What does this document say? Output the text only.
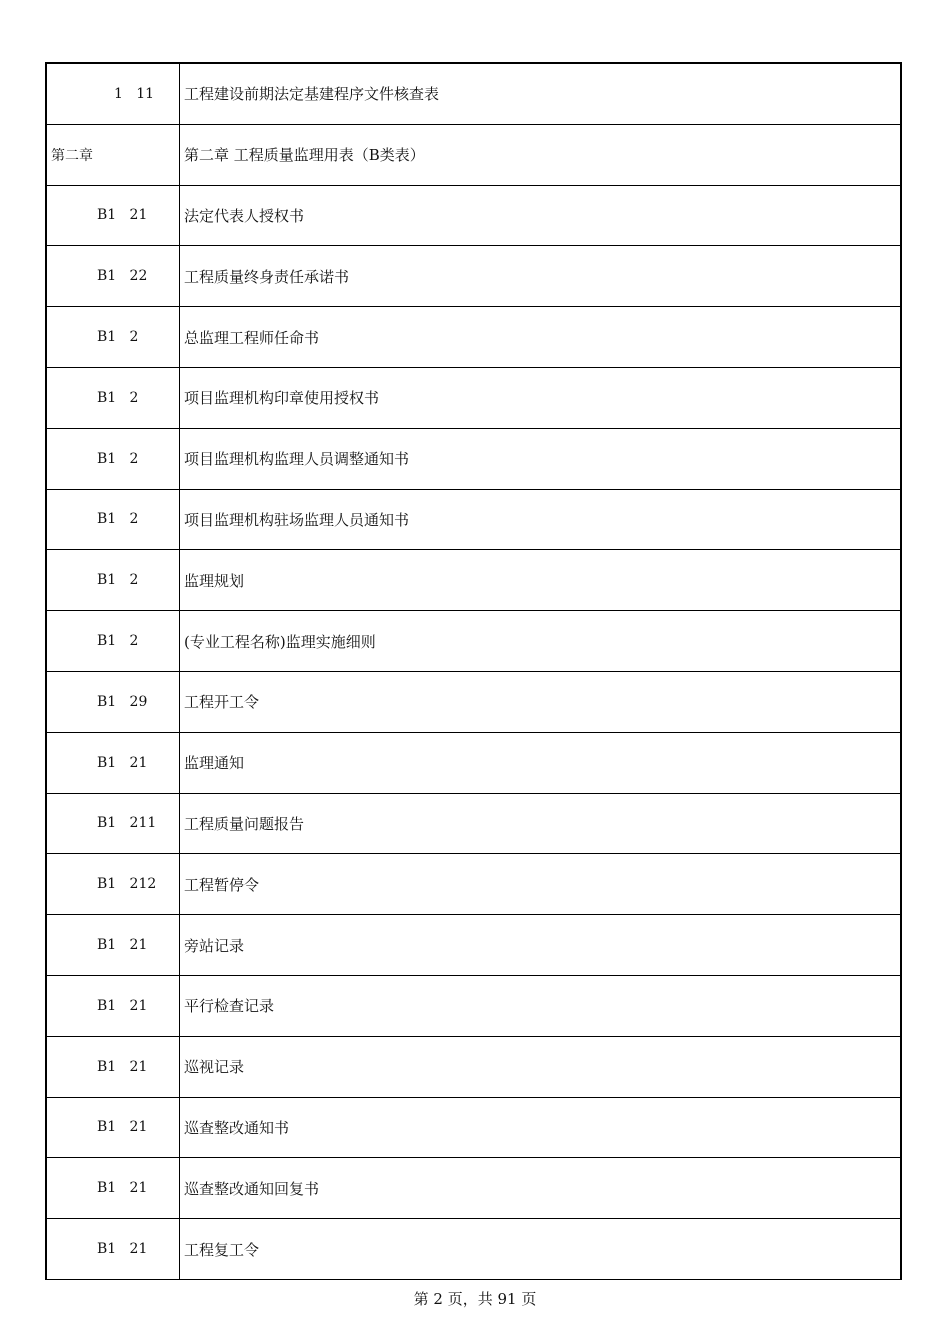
1   11	工程建设前期法定基建程序文件核查表
第二章	第二章 工程质量监理用表（B类表）
B1   21	法定代表人授权书
B1   22	工程质量终身责任承诺书
B1   2	总监理工程师任命书
B1   2	项目监理机构印章使用授权书
B1   2	项目监理机构监理人员调整通知书
B1   2	项目监理机构驻场监理人员通知书
B1   2	监理规划
B1   2	(专业工程名称)监理实施细则
B1   29	工程开工令
B1   21	监理通知
B1   211	工程质量问题报告
B1   212	工程暂停令
B1   21	旁站记录
B1   21	平行检查记录
B1   21	巡视记录
B1   21	巡查整改通知书
B1   21	巡查整改通知回复书
B1   21	工程复工令
第 2 页，共 91 页
